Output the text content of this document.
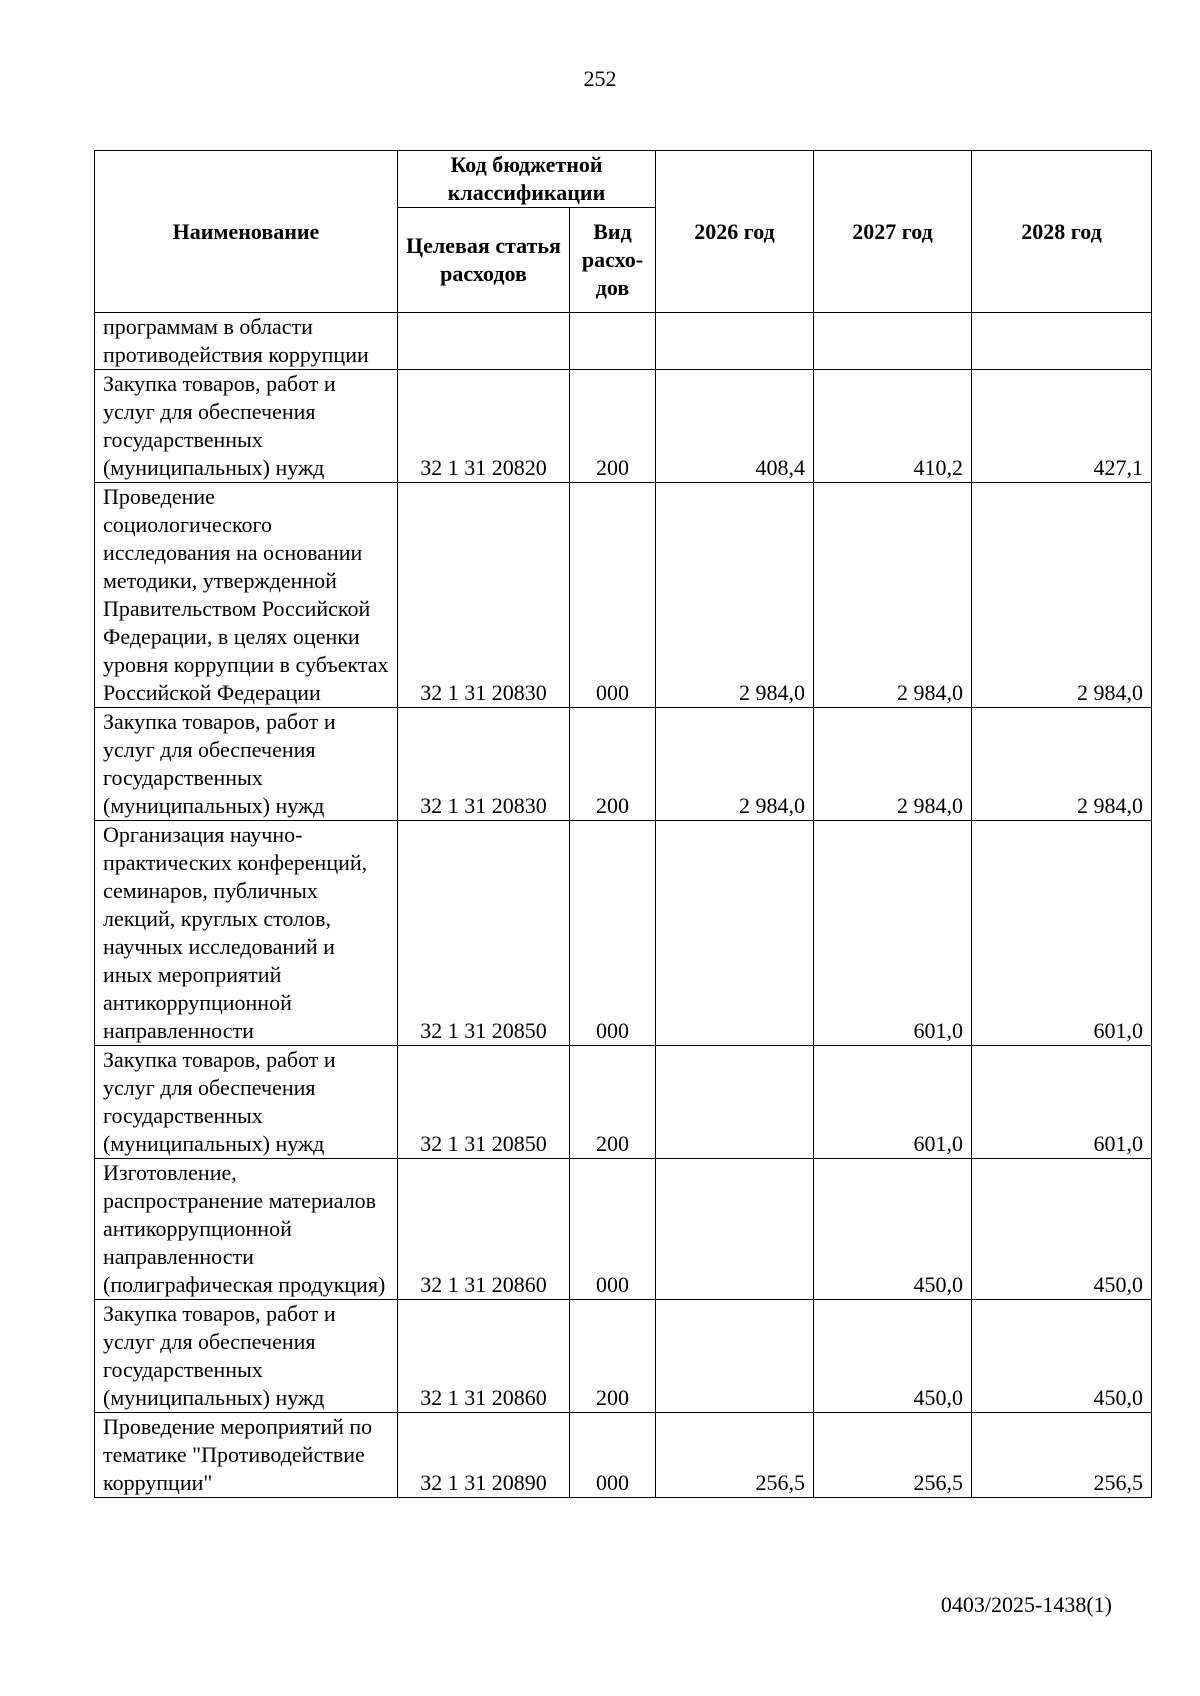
252
Наименование	Код бюджетной классификации		2026 год	2027 год	2028 год
	Целевая статья расходов	Вид расхо-дов			
программам в области противодействия коррупции					
Закупка товаров, работ и услуг для обеспечения государственных (муниципальных) нужд	32 1 31 20820	200	408,4	410,2	427,1
Проведение социологического исследования на основании методики, утвержденной Правительством Российской Федерации, в целях оценки уровня коррупции в субъектах Российской Федерации	32 1 31 20830	000	2 984,0	2 984,0	2 984,0
Закупка товаров, работ и услуг для обеспечения государственных (муниципальных) нужд	32 1 31 20830	200	2 984,0	2 984,0	2 984,0
Организация научно-практических конференций, семинаров, публичных лекций, круглых столов, научных исследований и иных мероприятий антикоррупционной направленности	32 1 31 20850	000		601,0	601,0
Закупка товаров, работ и услуг для обеспечения государственных (муниципальных) нужд	32 1 31 20850	200		601,0	601,0
Изготовление, распространение материалов антикоррупционной направленности (полиграфическая продукция)	32 1 31 20860	000		450,0	450,0
Закупка товаров, работ и услуг для обеспечения государственных (муниципальных) нужд	32 1 31 20860	200		450,0	450,0
Проведение мероприятий по тематике "Противодействие коррупции"	32 1 31 20890	000	256,5	256,5	256,5
0403/2025-1438(1)
